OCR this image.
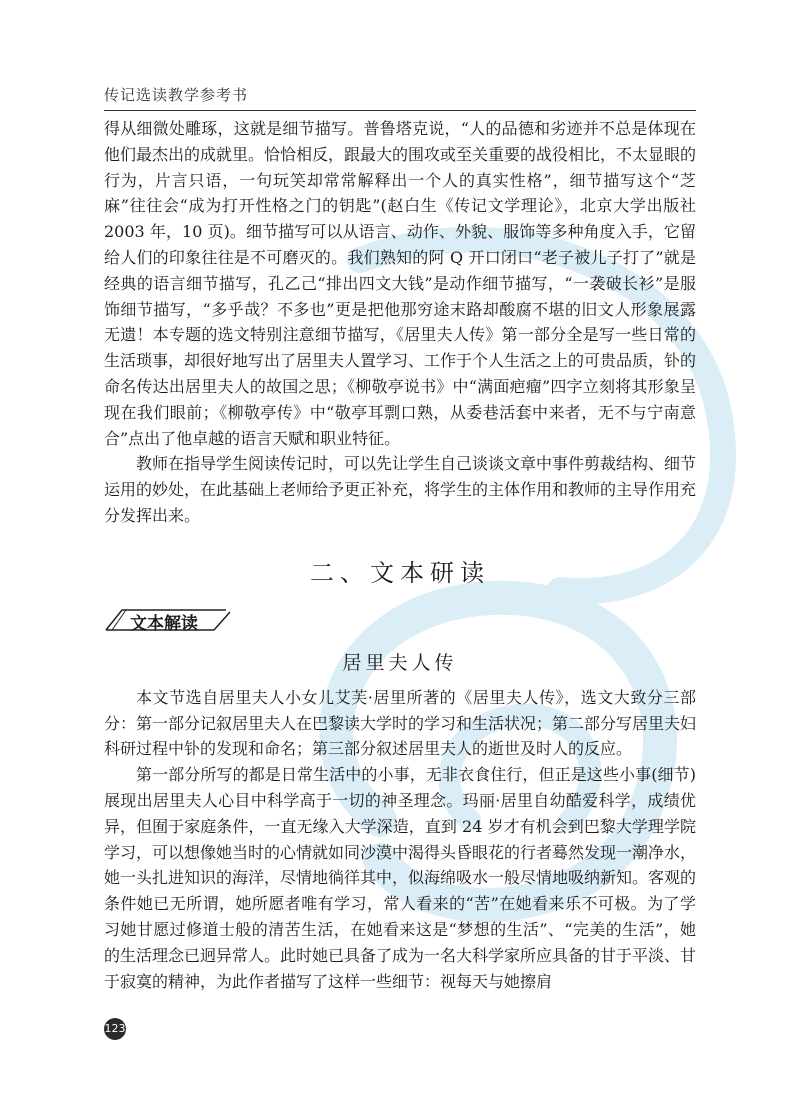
传记选读教学参考书

得从细微处雕琢，这就是细节描写。普鲁塔克说，“人的品德和劣迹并不总是体现在他们最杰出的成就里。恰恰相反，跟最大的围攻或至关重要的战役相比，不太显眼的行为，片言只语，一句玩笑却常常解释出一个人的真实性格”，细节描写这个“芝麻”往往会“成为打开性格之门的钥匙”(赵白生《传记文学理论》，北京大学出版社 2003 年，10 页)。细节描写可以从语言、动作、外貌、服饰等多种角度入手，它留给人们的印象往往是不可磨灭的。我们熟知的阿 Q 开口闭口“老子被儿子打了”就是经典的语言细节描写，孔乙己“排出四文大钱”是动作细节描写，“一袭破长衫”是服饰细节描写，“多乎哉？不多也”更是把他那穷途末路却酸腐不堪的旧文人形象展露无遗！本专题的选文特别注意细节描写，《居里夫人传》第一部分全是写一些日常的生活琐事，却很好地写出了居里夫人置学习、工作于个人生活之上的可贵品质，钋的命名传达出居里夫人的故国之思；《柳敬亭说书》中“满面疤瘤”四字立刻将其形象呈现在我们眼前；《柳敬亭传》中“敬亭耳剽口熟，从委巷活套中来者，无不与宁南意合”点出了他卓越的语言天赋和职业特征。

教师在指导学生阅读传记时，可以先让学生自己谈谈文章中事件剪裁结构、细节运用的妙处，在此基础上老师给予更正补充，将学生的主体作用和教师的主导作用充分发挥出来。

二、文本研读
文本解读
居里夫人传

本文节选自居里夫人小女儿艾芙·居里所著的《居里夫人传》，选文大致分三部分：第一部分记叙居里夫人在巴黎读大学时的学习和生活状况；第二部分写居里夫妇科研过程中钋的发现和命名；第三部分叙述居里夫人的逝世及时人的反应。

第一部分所写的都是日常生活中的小事，无非衣食住行，但正是这些小事(细节)展现出居里夫人心目中科学高于一切的神圣理念。玛丽·居里自幼酷爱科学，成绩优异，但囿于家庭条件，一直无缘入大学深造，直到 24 岁才有机会到巴黎大学理学院学习，可以想像她当时的心情就如同沙漠中渴得头昏眼花的行者蓦然发现一潮净水，她一头扎进知识的海洋，尽情地徜徉其中，似海绵吸水一般尽情地吸纳新知。客观的条件她已无所谓，她所愿者唯有学习，常人看来的“苦”在她看来乐不可极。为了学习她甘愿过修道士般的清苦生活，在她看来这是“梦想的生活”、“完美的生活”，她的生活理念已迥异常人。此时她已具备了成为一名大科学家所应具备的甘于平淡、甘于寂寞的精神，为此作者描写了这样一些细节：视每天与她擦肩

123
